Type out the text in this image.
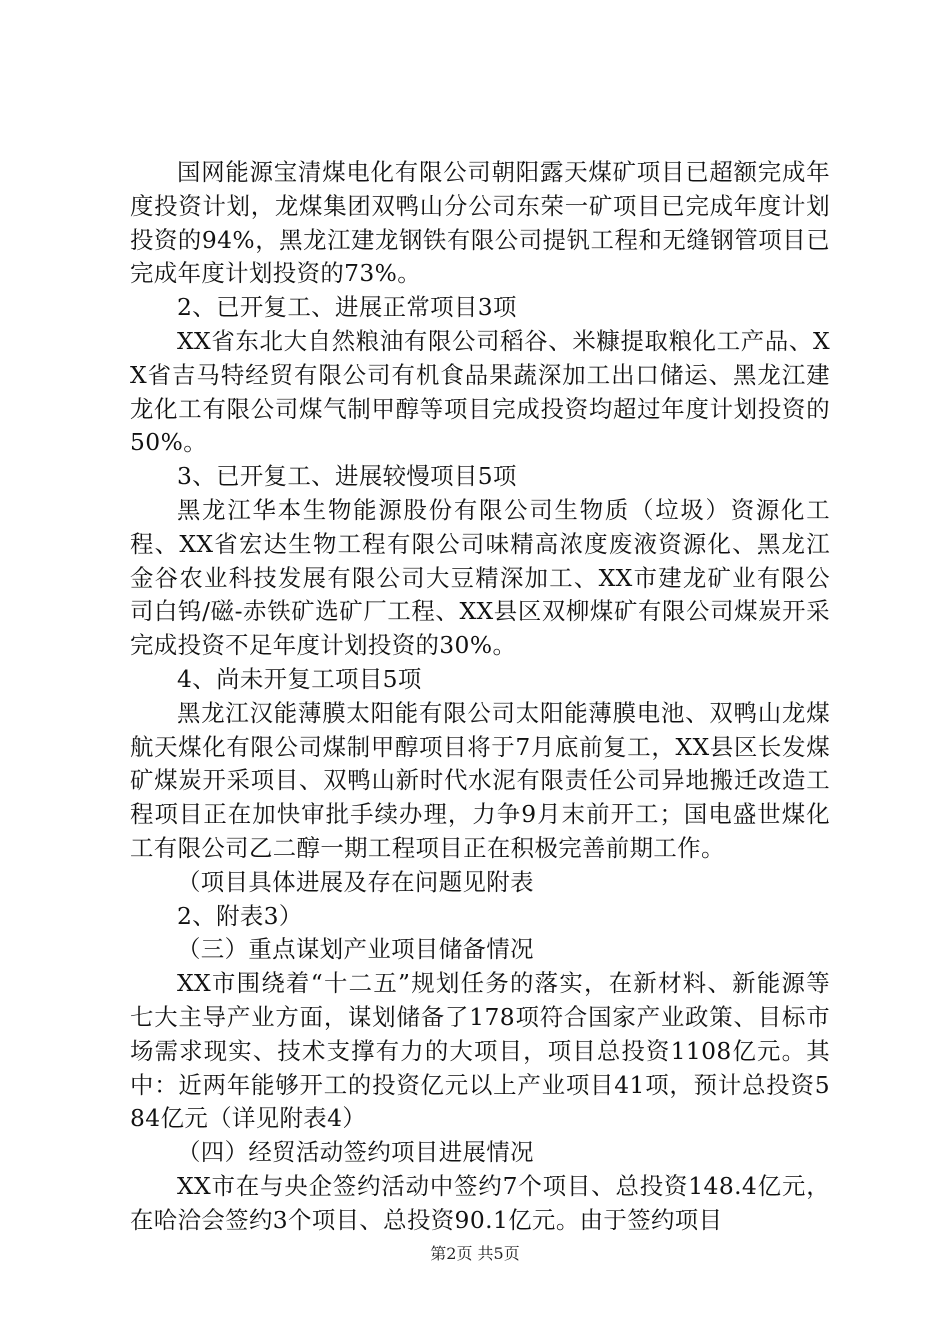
国网能源宝清煤电化有限公司朝阳露天煤矿项目已超额完成年度投资计划，龙煤集团双鸭山分公司东荣一矿项目已完成年度计划投资的94%，黑龙江建龙钢铁有限公司提钒工程和无缝钢管项目已完成年度计划投资的73%。

2、已开复工、进展正常项目3项

XX省东北大自然粮油有限公司稻谷、米糠提取粮化工产品、XX省吉马特经贸有限公司有机食品果蔬深加工出口储运、黑龙江建龙化工有限公司煤气制甲醇等项目完成投资均超过年度计划投资的50%。

3、已开复工、进展较慢项目5项

黑龙江华本生物能源股份有限公司生物质（垃圾）资源化工程、XX省宏达生物工程有限公司味精高浓度废液资源化、黑龙江金谷农业科技发展有限公司大豆精深加工、XX市建龙矿业有限公司白钨/磁-赤铁矿选矿厂工程、XX县区双柳煤矿有限公司煤炭开采完成投资不足年度计划投资的30%。

4、尚未开复工项目5项

黑龙江汉能薄膜太阳能有限公司太阳能薄膜电池、双鸭山龙煤航天煤化有限公司煤制甲醇项目将于7月底前复工，XX县区长发煤矿煤炭开采项目、双鸭山新时代水泥有限责任公司异地搬迁改造工程项目正在加快审批手续办理，力争9月末前开工；国电盛世煤化工有限公司乙二醇一期工程项目正在积极完善前期工作。

（项目具体进展及存在问题见附表

2、附表3）

（三）重点谋划产业项目储备情况

XX市围绕着“十二五”规划任务的落实，在新材料、新能源等七大主导产业方面，谋划储备了178项符合国家产业政策、目标市场需求现实、技术支撑有力的大项目，项目总投资1108亿元。其中：近两年能够开工的投资亿元以上产业项目41项，预计总投资584亿元（详见附表4）

（四）经贸活动签约项目进展情况

XX市在与央企签约活动中签约7个项目、总投资148.4亿元，在哈洽会签约3个项目、总投资90.1亿元。由于签约项目

第2页 共5页
